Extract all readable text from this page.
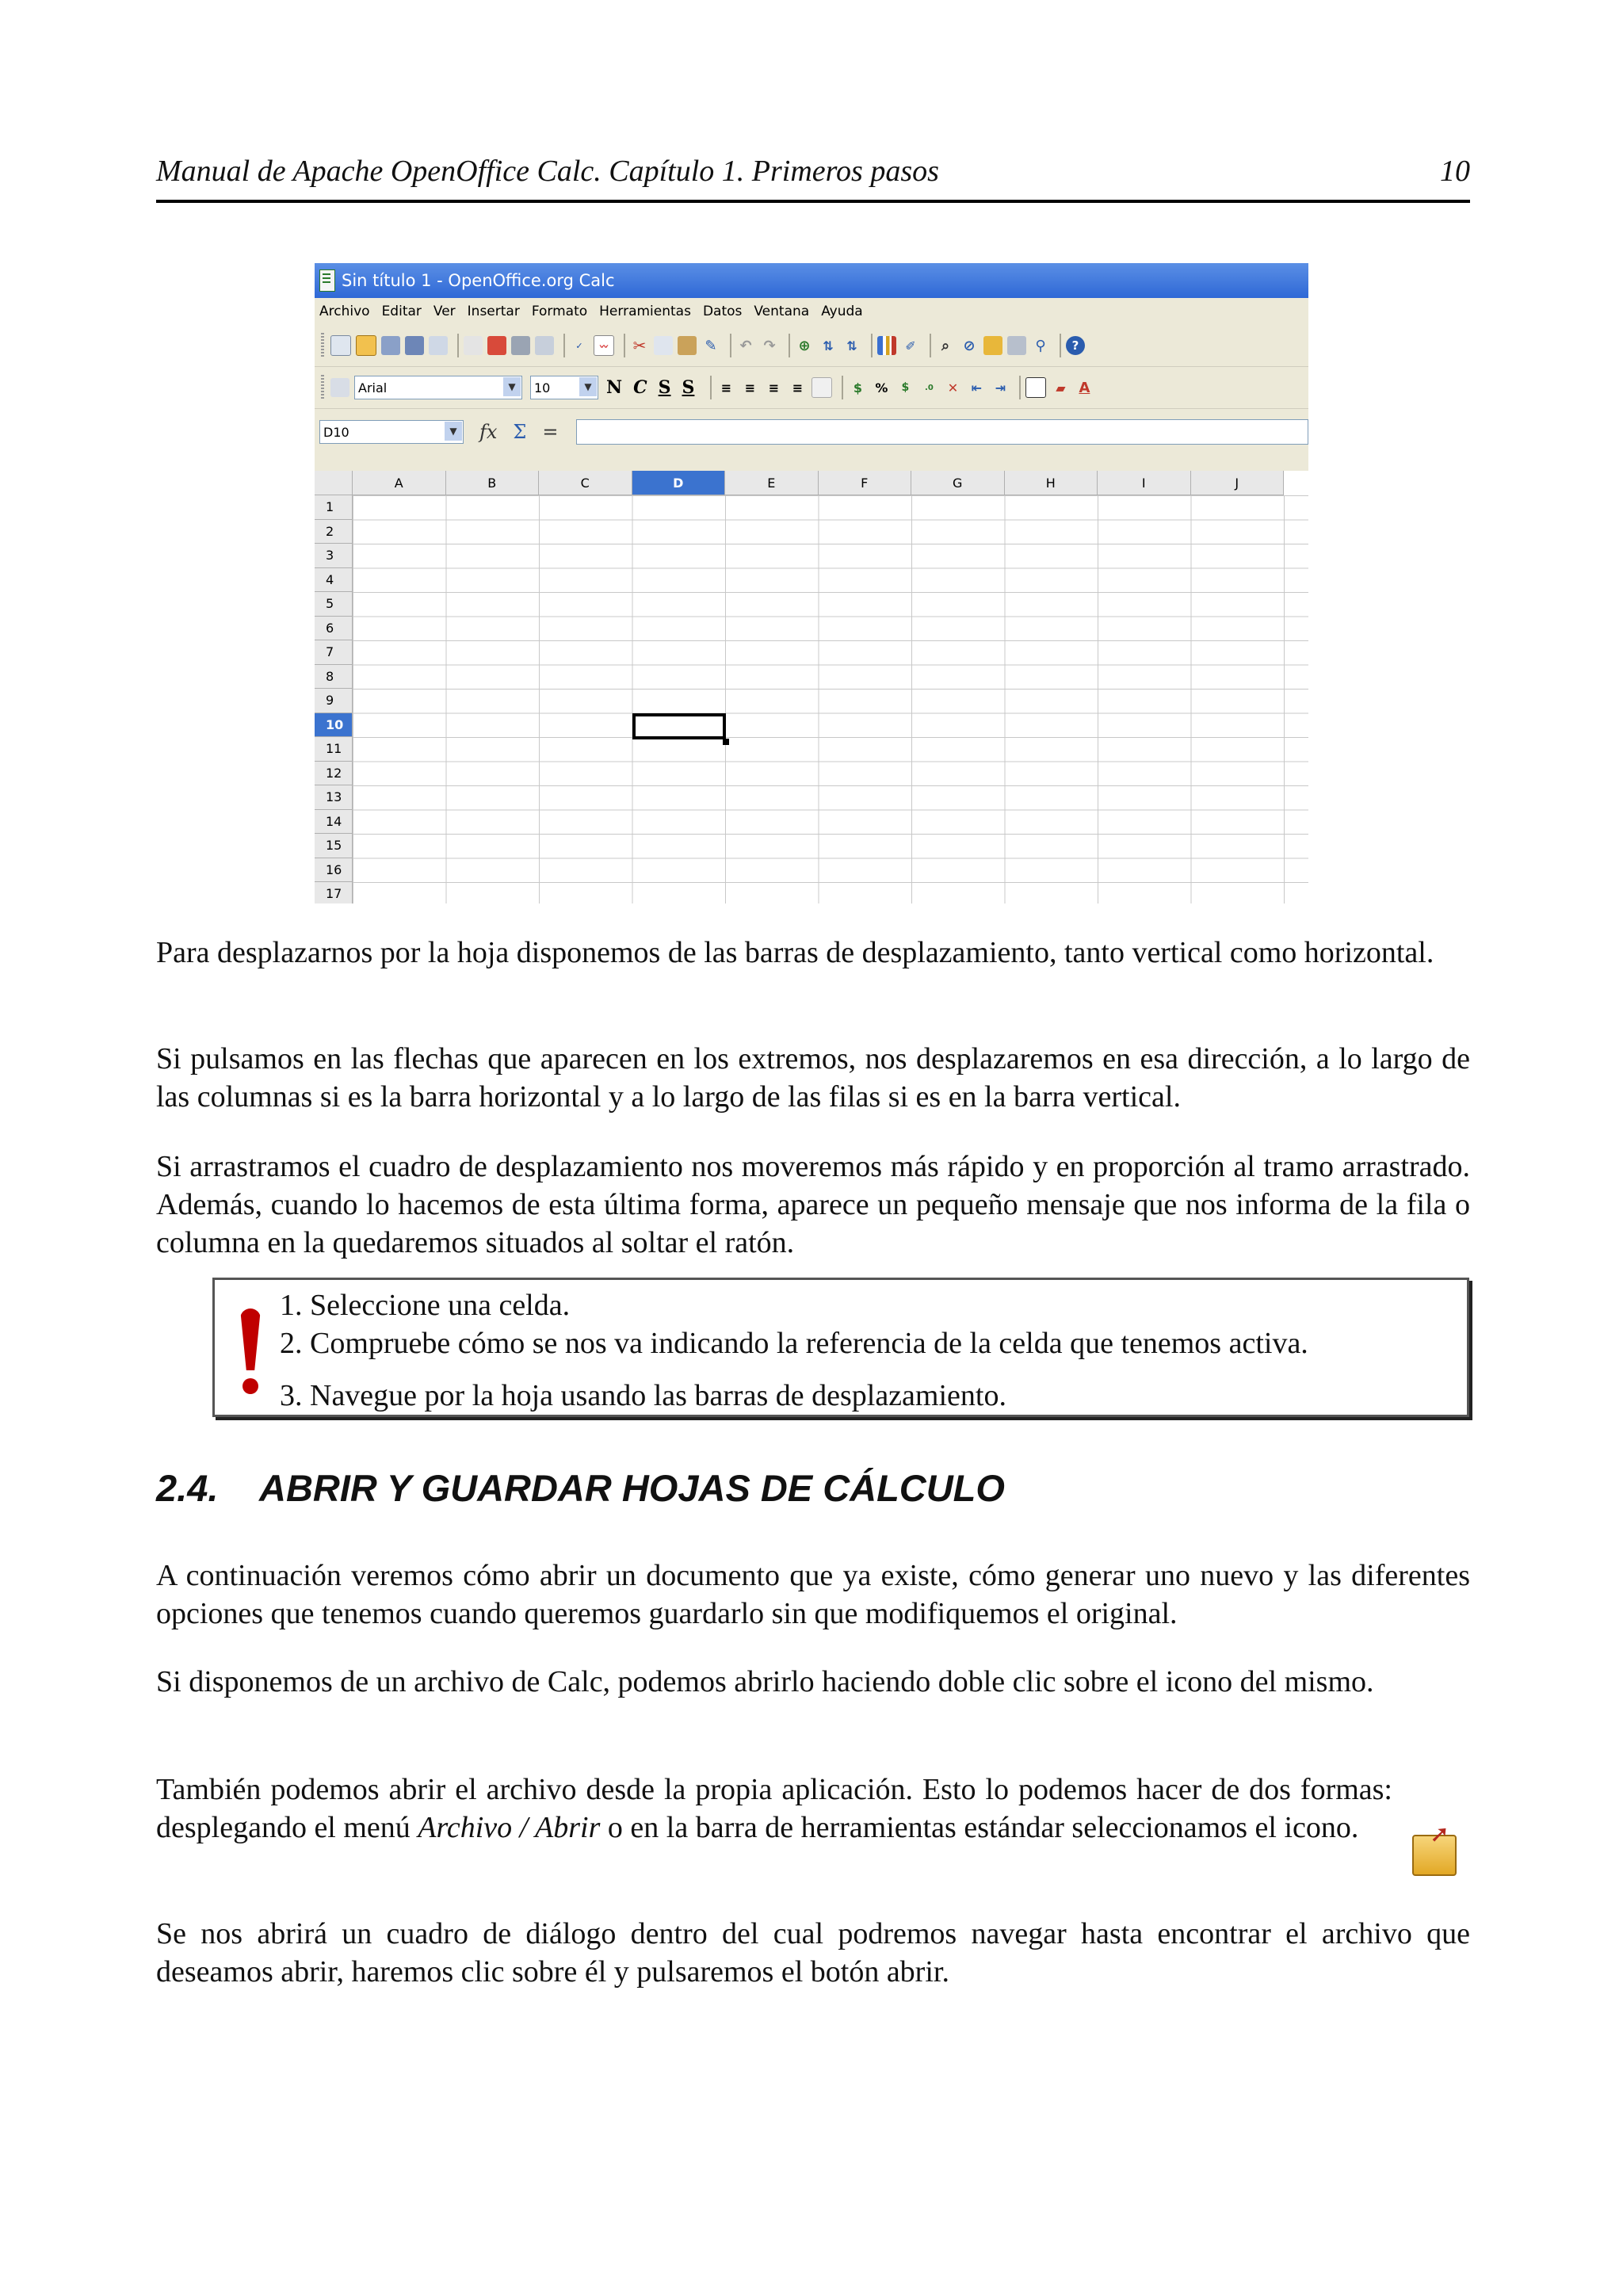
Manual de Apache OpenOffice Calc. Capítulo 1. Primeros pasos	10
Sin título 1 - OpenOffice.org Calc
Archivo Editar Ver Insertar Formato Herramientas Datos Ventana Ayuda
✓	〰	✂	✎ ↶ ↷ ⊕ ⇅	⇅	✐	⌕ ⊘	⚲	?
Arial	▼	10	▼ N C S S	≡	≡	≡	≡	$	%	$	.0	✕	⇤	⇥	▰ A
D10	▼ fx Σ =
A	B	C	D	E	F	G	H	I	J
1
2
3
4
5
6
7
8
9
10
11
12
13
14
15
16
17

Para desplazarnos por la hoja disponemos de las barras de desplazamiento, tanto vertical como horizontal.

Si pulsamos en las flechas que aparecen en los extremos, nos desplazaremos en esa dirección, a lo largo de las columnas si es la barra horizontal y a lo largo de las filas si es en la barra vertical.

Si arrastramos el cuadro de desplazamiento nos moveremos más rápido y en proporción al tramo arrastrado. Además, cuando lo hacemos de esta última forma, aparece un pequeño mensaje que nos informa de la fila o columna en la quedaremos situados al soltar el ratón.

1. Seleccione una celda.
2. Compruebe cómo se nos va indicando la referencia de la celda que tenemos activa.
3. Navegue por la hoja usando las barras de desplazamiento.
2.4. ABRIR Y GUARDAR HOJAS DE CÁLCULO

A continuación veremos cómo abrir un documento que ya existe, cómo generar uno nuevo y las diferentes opciones que tenemos cuando queremos guardarlo sin que modifiquemos el original.

Si disponemos de un archivo de Calc, podemos abrirlo haciendo doble clic sobre el icono del mismo.

También podemos abrir el archivo desde la propia aplicación. Esto lo podemos hacer de dos formas: desplegando el menú Archivo / Abrir o en la barra de herramientas estándar seleccionamos el icono.	➚

Se nos abrirá un cuadro de diálogo dentro del cual podremos navegar hasta encontrar el archivo que deseamos abrir, haremos clic sobre él y pulsaremos el botón abrir.
